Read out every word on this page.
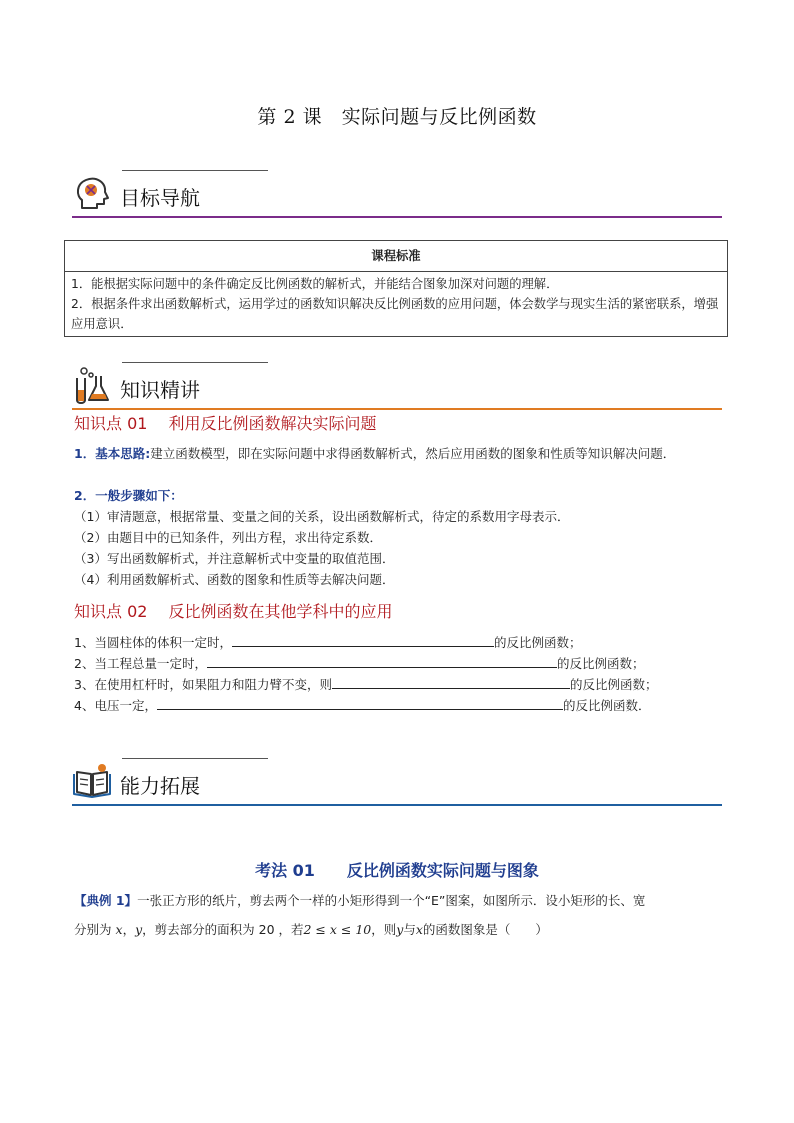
第 2 课　实际问题与反比例函数
目标导航
课程标准

1．能根据实际问题中的条件确定反比例函数的解析式，并能结合图象加深对问题的理解．
2．根据条件求出函数解析式，运用学过的函数知识解决反比例函数的应用问题，体会数学与现实生活的紧密联系，增强应用意识．
知识精讲
知识点 01　 利用反比例函数解决实际问题
1．基本思路:建立函数模型，即在实际问题中求得函数解析式，然后应用函数的图象和性质等知识解决问题．
2．一般步骤如下：
（1）审清题意，根据常量、变量之间的关系，设出函数解析式，待定的系数用字母表示．
（2）由题目中的已知条件，列出方程，求出待定系数．
（3）写出函数解析式，并注意解析式中变量的取值范围．
（4）利用函数解析式、函数的图象和性质等去解决问题．
知识点 02　 反比例函数在其他学科中的应用
1、当圆柱体的体积一定时，	的反比例函数；
2、当工程总量一定时，	的反比例函数；
3、在使用杠杆时，如果阻力和阻力臂不变，则	的反比例函数；
4、电压一定，	的反比例函数．
能力拓展
考法 01　　反比例函数实际问题与图象
【典例 1】一张正方形的纸片，剪去两个一样的小矩形得到一个“E”图案，如图所示．设小矩形的长、宽
分别为 x，y，剪去部分的面积为 20 ，若2 ≤ x ≤ 10，则y与x的函数图象是（　　）
